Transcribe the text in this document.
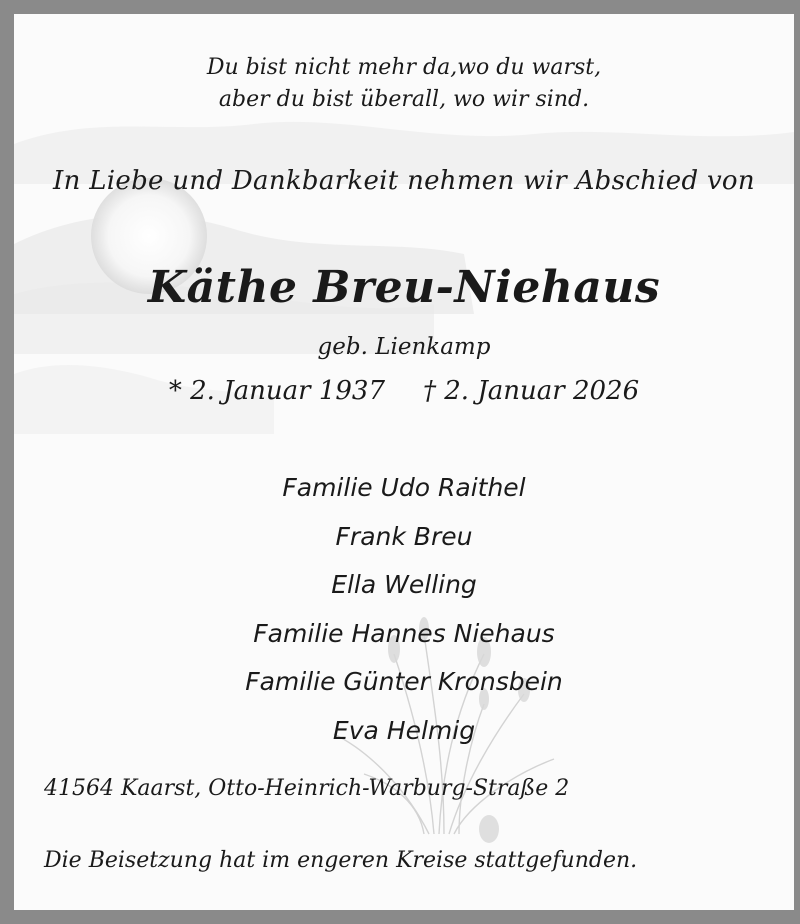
Du bist nicht mehr da,wo du warst,
aber du bist überall, wo wir sind.
In Liebe und Dankbarkeit nehmen wir Abschied von
Käthe Breu-Niehaus
geb. Lienkamp
* 2. Januar 1937 † 2. Januar 2026
Familie Udo Raithel
Frank Breu
Ella Welling
Familie Hannes Niehaus
Familie Günter Kronsbein
Eva Helmig
41564 Kaarst, Otto-Heinrich-Warburg-Straße 2
Die Beisetzung hat im engeren Kreise stattgefunden.
